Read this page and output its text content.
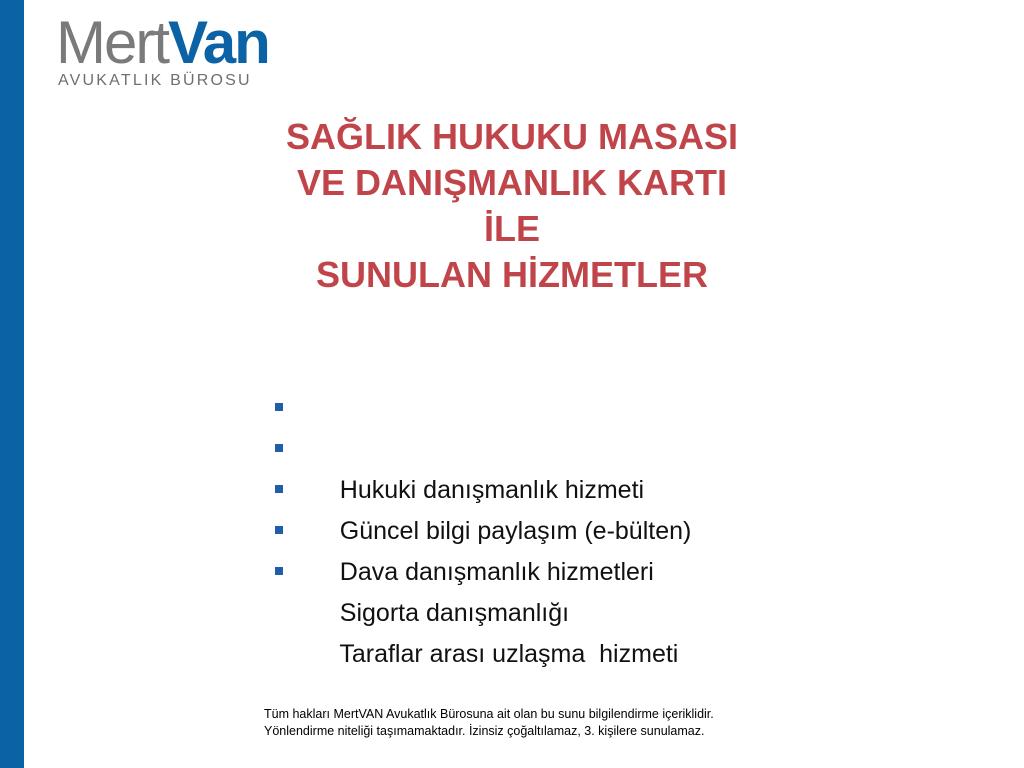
MertVan
AVUKATLIK BÜROSU
SAĞLIK HUKUKU MASASI
VE DANIŞMANLIK KARTI
İLE
SUNULAN HİZMETLER

Hukuki danışmanlık hizmeti

Güncel bilgi paylaşım (e-bülten)

Dava danışmanlık hizmetleri

Sigorta danışmanlığı

Taraflar arası uzlaşma  hizmeti

Tüm hakları MertVAN Avukatlık Bürosuna ait olan bu sunu bilgilendirme içeriklidir.
Yönlendirme niteliği taşımamaktadır. İzinsiz çoğaltılamaz, 3. kişilere sunulamaz.
